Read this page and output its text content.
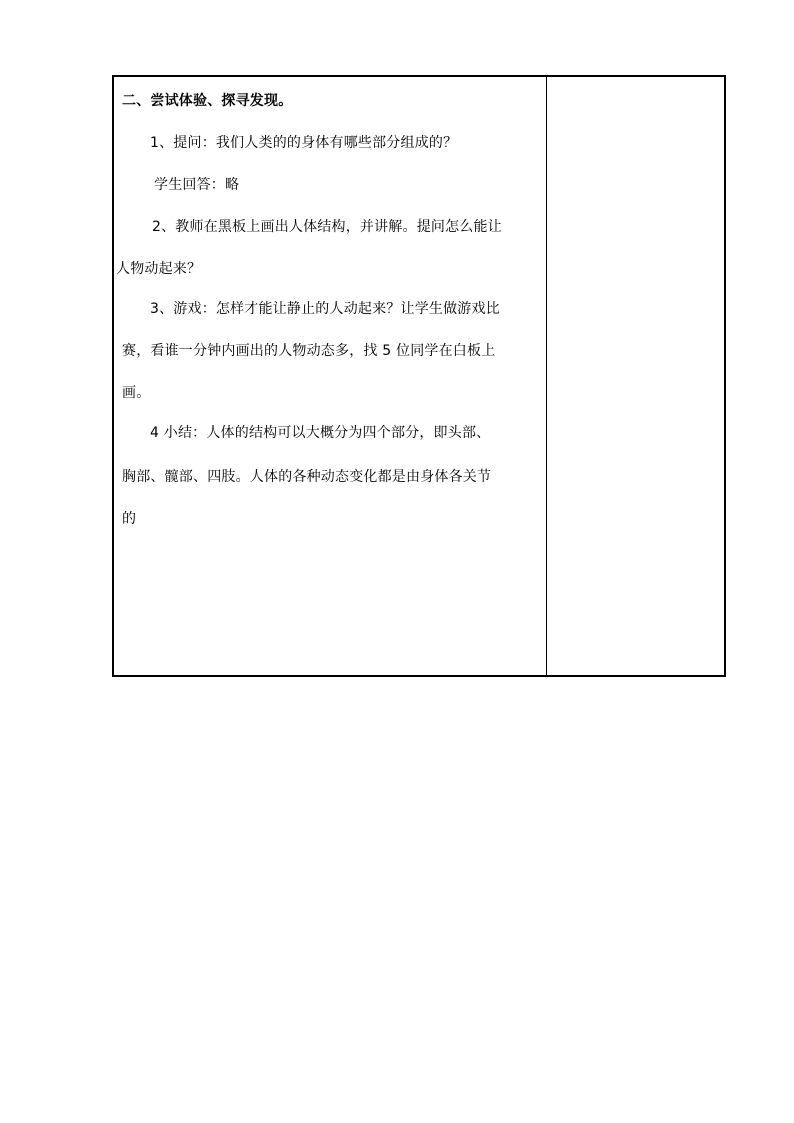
二、尝试体验、探寻发现。
1、提问：我们人类的的身体有哪些部分组成的？
学生回答：略
2、教师在黑板上画出人体结构，并讲解。提问怎么能让
人物动起来？
3、游戏：怎样才能让静止的人动起来？让学生做游戏比
赛，看谁一分钟内画出的人物动态多，找 5 位同学在白板上
画。
4 小结：人体的结构可以大概分为四个部分，即头部、
胸部、髋部、四肢。人体的各种动态变化都是由身体各关节
的
